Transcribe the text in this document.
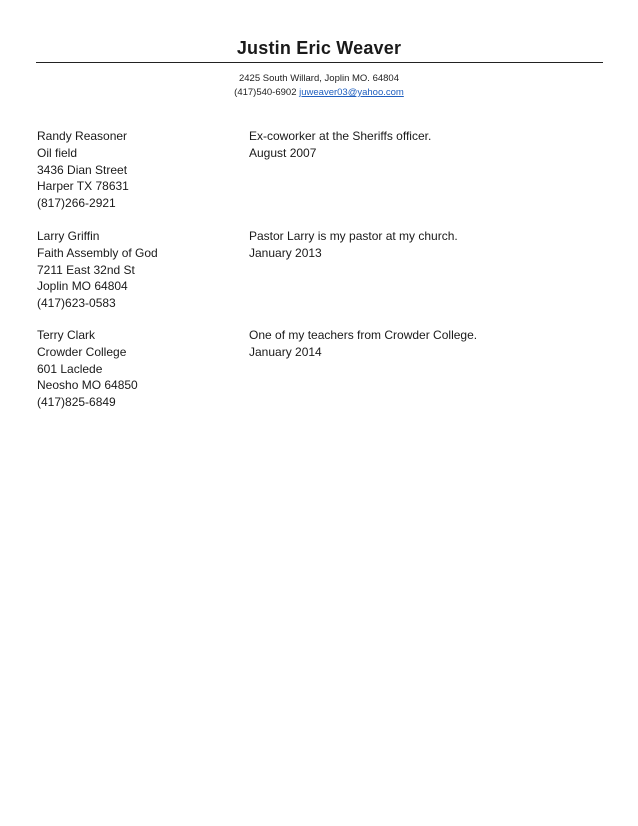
Justin Eric Weaver
2425 South Willard, Joplin MO. 64804
(417)540-6902 juweaver03@yahoo.com
Randy Reasoner
Oil field
3436 Dian Street
Harper TX 78631
(817)266-2921
Ex-coworker at the Sheriffs officer.
August 2007
Larry Griffin
Faith Assembly of God
7211 East 32nd St
Joplin MO 64804
(417)623-0583
Pastor Larry is my pastor at my church.
January 2013
Terry Clark
Crowder College
601 Laclede
Neosho MO 64850
(417)825-6849
One of my teachers from Crowder College.
January 2014
